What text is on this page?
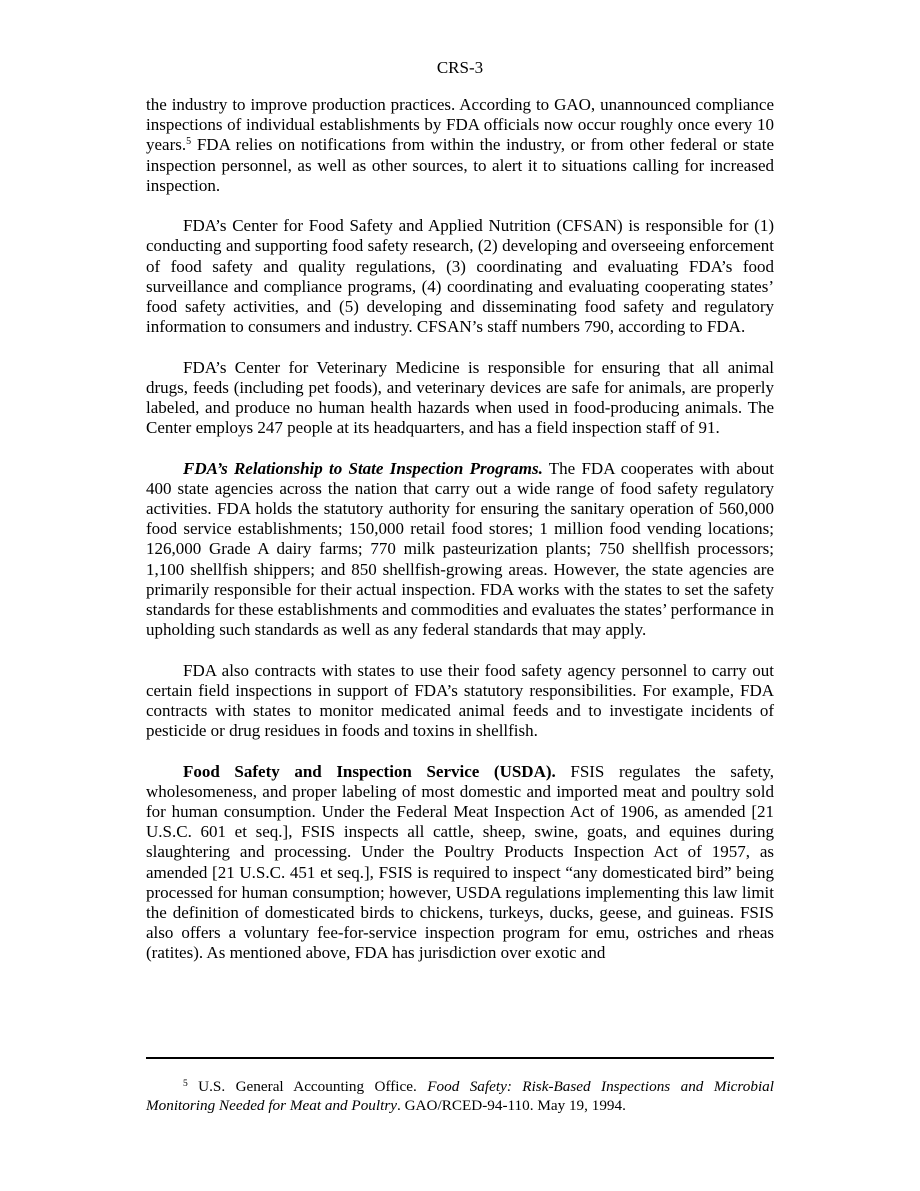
CRS-3

the industry to improve production practices. According to GAO, unannounced compliance inspections of individual establishments by FDA officials now occur roughly once every 10 years.$^5$ FDA relies on notifications from within the industry, or from other federal or state inspection personnel, as well as other sources, to alert it to situations calling for increased inspection.

FDA’s Center for Food Safety and Applied Nutrition (CFSAN) is responsible for (1) conducting and supporting food safety research, (2) developing and overseeing enforcement of food safety and quality regulations, (3) coordinating and evaluating FDA’s food surveillance and compliance programs, (4) coordinating and evaluating cooperating states’ food safety activities, and (5) developing and disseminating food safety and regulatory information to consumers and industry. CFSAN’s staff numbers 790, according to FDA.

FDA’s Center for Veterinary Medicine is responsible for ensuring that all animal drugs, feeds (including pet foods), and veterinary devices are safe for animals, are properly labeled, and produce no human health hazards when used in food-producing animals. The Center employs 247 people at its headquarters, and has a field inspection staff of 91.

FDA’s Relationship to State Inspection Programs. The FDA cooperates with about 400 state agencies across the nation that carry out a wide range of food safety regulatory activities. FDA holds the statutory authority for ensuring the sanitary operation of 560,000 food service establishments; 150,000 retail food stores; 1 million food vending locations; 126,000 Grade A dairy farms; 770 milk pasteurization plants; 750 shellfish processors; 1,100 shellfish shippers; and 850 shellfish-growing areas. However, the state agencies are primarily responsible for their actual inspection. FDA works with the states to set the safety standards for these establishments and commodities and evaluates the states’ performance in upholding such standards as well as any federal standards that may apply.

FDA also contracts with states to use their food safety agency personnel to carry out certain field inspections in support of FDA’s statutory responsibilities. For example, FDA contracts with states to monitor medicated animal feeds and to investigate incidents of pesticide or drug residues in foods and toxins in shellfish.

Food Safety and Inspection Service (USDA). FSIS regulates the safety, wholesomeness, and proper labeling of most domestic and imported meat and poultry sold for human consumption. Under the Federal Meat Inspection Act of 1906, as amended [21 U.S.C. 601 et seq.], FSIS inspects all cattle, sheep, swine, goats, and equines during slaughtering and processing. Under the Poultry Products Inspection Act of 1957, as amended [21 U.S.C. 451 et seq.], FSIS is required to inspect “any domesticated bird” being processed for human consumption; however, USDA regulations implementing this law limit the definition of domesticated birds to chickens, turkeys, ducks, geese, and guineas. FSIS also offers a voluntary fee-for-service inspection program for emu, ostriches and rheas (ratites). As mentioned above, FDA has jurisdiction over exotic and

$^5$ U.S. General Accounting Office. Food Safety: Risk-Based Inspections and Microbial Monitoring Needed for Meat and Poultry. GAO/RCED-94-110. May 19, 1994.
